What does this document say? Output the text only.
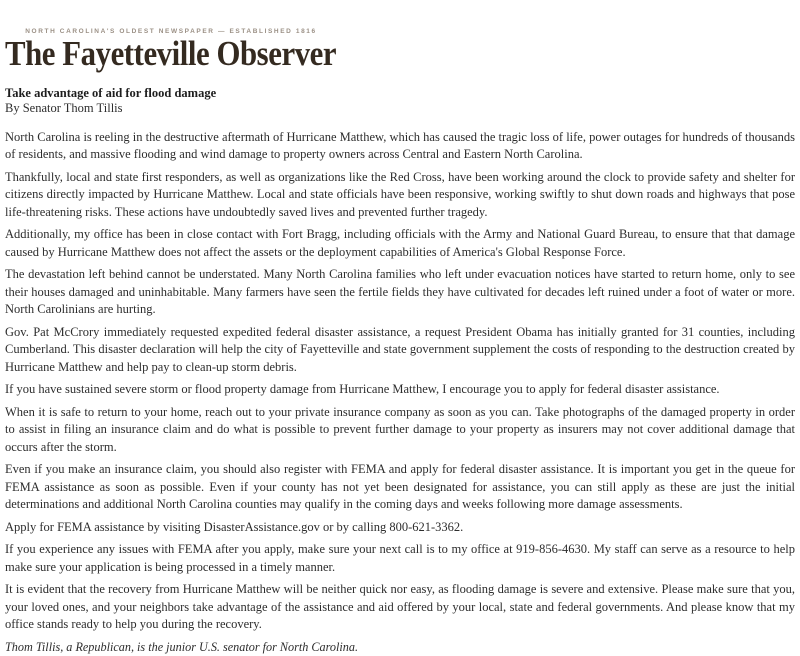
NORTH CAROLINA'S OLDEST NEWSPAPER — ESTABLISHED 1816
The Fayetteville Observer
Take advantage of aid for flood damage
By Senator Thom Tillis

North Carolina is reeling in the destructive aftermath of Hurricane Matthew, which has caused the tragic loss of life, power outages for hundreds of thousands of residents, and massive flooding and wind damage to property owners across Central and Eastern North Carolina.

Thankfully, local and state first responders, as well as organizations like the Red Cross, have been working around the clock to provide safety and shelter for citizens directly impacted by Hurricane Matthew. Local and state officials have been responsive, working swiftly to shut down roads and highways that pose life-threatening risks. These actions have undoubtedly saved lives and prevented further tragedy.

Additionally, my office has been in close contact with Fort Bragg, including officials with the Army and National Guard Bureau, to ensure that that damage caused by Hurricane Matthew does not affect the assets or the deployment capabilities of America's Global Response Force.

The devastation left behind cannot be understated. Many North Carolina families who left under evacuation notices have started to return home, only to see their houses damaged and uninhabitable. Many farmers have seen the fertile fields they have cultivated for decades left ruined under a foot of water or more. North Carolinians are hurting.

Gov. Pat McCrory immediately requested expedited federal disaster assistance, a request President Obama has initially granted for 31 counties, including Cumberland. This disaster declaration will help the city of Fayetteville and state government supplement the costs of responding to the destruction created by Hurricane Matthew and help pay to clean-up storm debris.

If you have sustained severe storm or flood property damage from Hurricane Matthew, I encourage you to apply for federal disaster assistance.

When it is safe to return to your home, reach out to your private insurance company as soon as you can. Take photographs of the damaged property in order to assist in filing an insurance claim and do what is possible to prevent further damage to your property as insurers may not cover additional damage that occurs after the storm.

Even if you make an insurance claim, you should also register with FEMA and apply for federal disaster assistance. It is important you get in the queue for FEMA assistance as soon as possible. Even if your county has not yet been designated for assistance, you can still apply as these are just the initial determinations and additional North Carolina counties may qualify in the coming days and weeks following more damage assessments.

Apply for FEMA assistance by visiting DisasterAssistance.gov or by calling 800-621-3362.

If you experience any issues with FEMA after you apply, make sure your next call is to my office at 919-856-4630. My staff can serve as a resource to help make sure your application is being processed in a timely manner.

It is evident that the recovery from Hurricane Matthew will be neither quick nor easy, as flooding damage is severe and extensive. Please make sure that you, your loved ones, and your neighbors take advantage of the assistance and aid offered by your local, state and federal governments. And please know that my office stands ready to help you during the recovery.

Thom Tillis, a Republican, is the junior U.S. senator for North Carolina.
